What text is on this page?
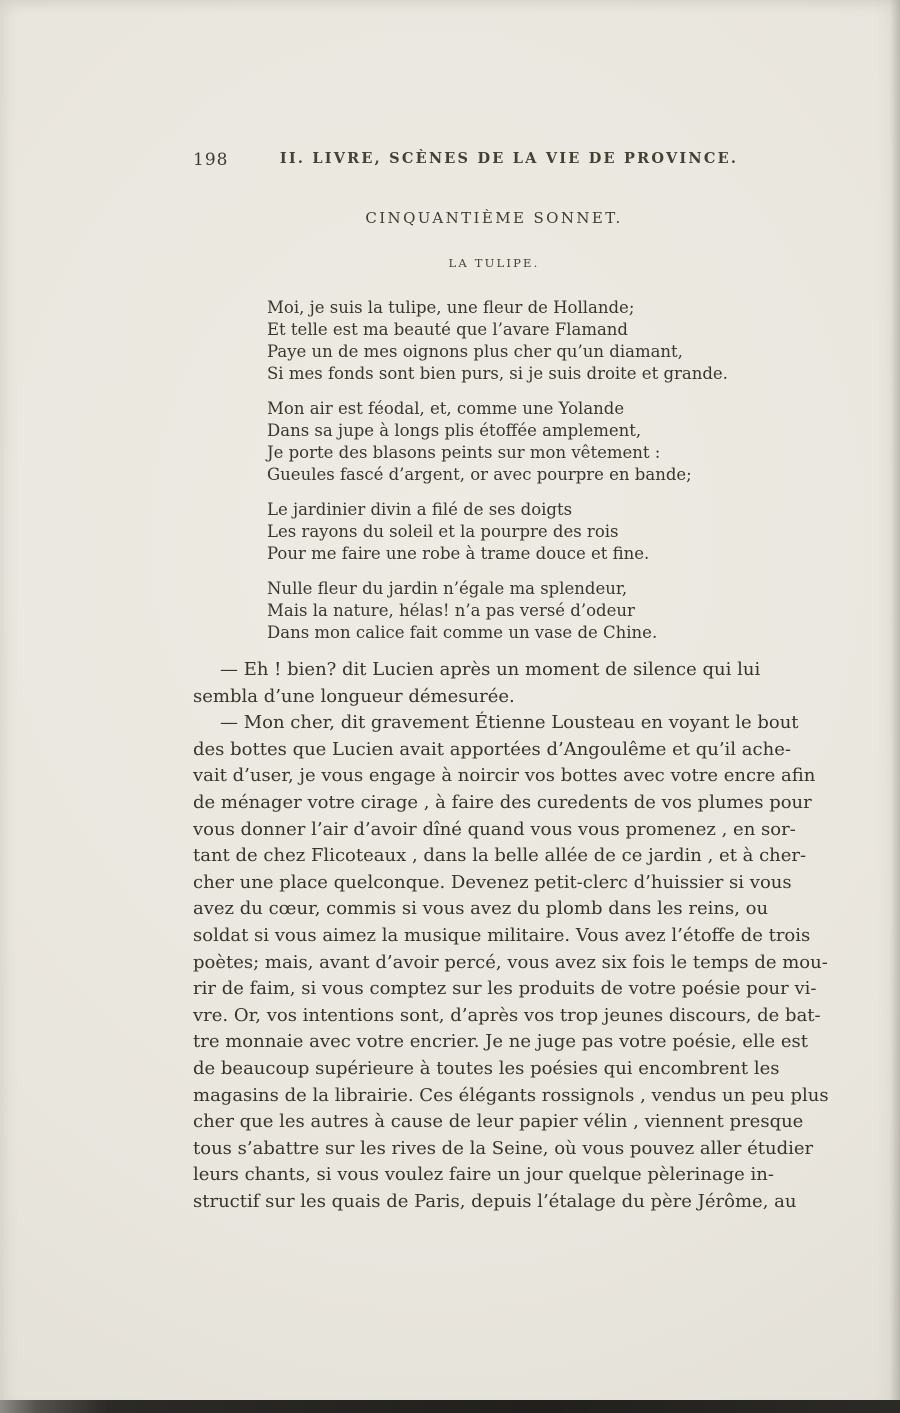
198	II. LIVRE, SCÈNES DE LA VIE DE PROVINCE.
CINQUANTIÈME SONNET.
LA TULIPE.
Moi, je suis la tulipe, une fleur de Hollande;
Et telle est ma beauté que l’avare Flamand
Paye un de mes oignons plus cher qu’un diamant,
Si mes fonds sont bien purs, si je suis droite et grande.
Mon air est féodal, et, comme une Yolande
Dans sa jupe à longs plis étoffée amplement,
Je porte des blasons peints sur mon vêtement :
Gueules fascé d’argent, or avec pourpre en bande;
Le jardinier divin a filé de ses doigts
Les rayons du soleil et la pourpre des rois
Pour me faire une robe à trame douce et fine.
Nulle fleur du jardin n’égale ma splendeur,
Mais la nature, hélas! n’a pas versé d’odeur
Dans mon calice fait comme un vase de Chine.
— Eh ! bien? dit Lucien après un moment de silence qui lui
sembla d’une longueur démesurée.
— Mon cher, dit gravement Étienne Lousteau en voyant le bout
des bottes que Lucien avait apportées d’Angoulême et qu’il ache-
vait d’user, je vous engage à noircir vos bottes avec votre encre afin
de ménager votre cirage , à faire des curedents de vos plumes pour
vous donner l’air d’avoir dîné quand vous vous promenez , en sor-
tant de chez Flicoteaux , dans la belle allée de ce jardin , et à cher-
cher une place quelconque. Devenez petit-clerc d’huissier si vous
avez du cœur, commis si vous avez du plomb dans les reins, ou
soldat si vous aimez la musique militaire. Vous avez l’étoffe de trois
poètes; mais, avant d’avoir percé, vous avez six fois le temps de mou-
rir de faim, si vous comptez sur les produits de votre poésie pour vi-
vre. Or, vos intentions sont, d’après vos trop jeunes discours, de bat-
tre monnaie avec votre encrier. Je ne juge pas votre poésie, elle est
de beaucoup supérieure à toutes les poésies qui encombrent les
magasins de la librairie. Ces élégants rossignols , vendus un peu plus
cher que les autres à cause de leur papier vélin , viennent presque
tous s’abattre sur les rives de la Seine, où vous pouvez aller étudier
leurs chants, si vous voulez faire un jour quelque pèlerinage in-
structif sur les quais de Paris, depuis l’étalage du père Jérôme, au
